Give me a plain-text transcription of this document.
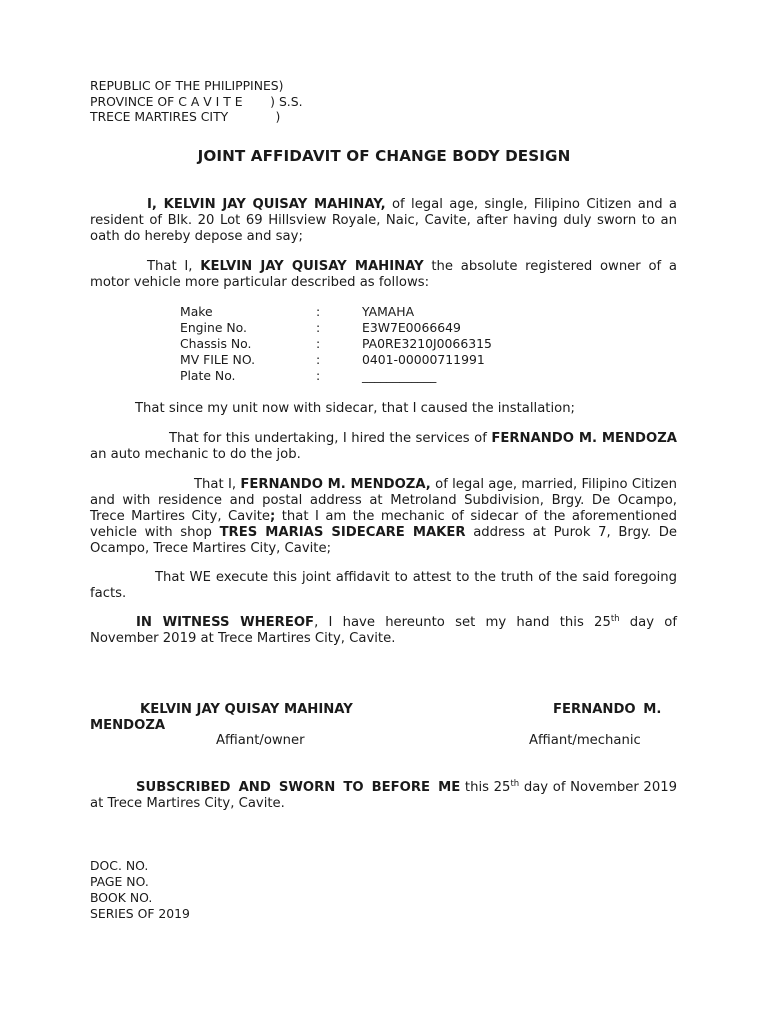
REPUBLIC OF THE PHILIPPINES)
PROVINCE OF C A V I T E       ) S.S.
TRECE MARTIRES CITY            )
JOINT AFFIDAVIT OF CHANGE BODY DESIGN
I, KELVIN JAY QUISAY MAHINAY, of legal age, single, Filipino Citizen and a resident of Blk. 20 Lot 69 Hillsview Royale, Naic, Cavite, after having duly sworn to an oath do hereby depose and say;
That I, KELVIN JAY QUISAY MAHINAY the absolute registered owner of a motor vehicle more particular described as follows:
Make	:	YAMAHA
Engine No.	:	E3W7E0066649
Chassis No.	:	PA0RE3210J0066315
MV FILE NO.	:	0401-00000711991
Plate No.	:	____________
That since my unit now with sidecar, that I caused the installation;
That for this undertaking, I hired the services of FERNANDO M. MENDOZA an auto mechanic to do the job.
That I, FERNANDO M. MENDOZA, of legal age, married, Filipino Citizen and with residence and postal address at Metroland Subdivision, Brgy. De Ocampo, Trece Martires City, Cavite; that I am the mechanic of sidecar of the aforementioned vehicle with shop TRES MARIAS SIDECARE MAKER address at Purok 7, Brgy. De Ocampo, Trece Martires City, Cavite;
That WE execute this joint affidavit to attest to the truth of the said foregoing facts.
IN WITNESS WHEREOF, I have hereunto set my hand this 25th day of November 2019 at Trece Martires City, Cavite.
KELVIN JAY QUISAY MAHINAY	FERNANDO M.
MENDOZA
Affiant/owner	Affiant/mechanic
SUBSCRIBED AND SWORN TO BEFORE ME this 25th day of November 2019 at Trece Martires City, Cavite.
DOC. NO.
PAGE NO.
BOOK NO.
SERIES OF 2019
